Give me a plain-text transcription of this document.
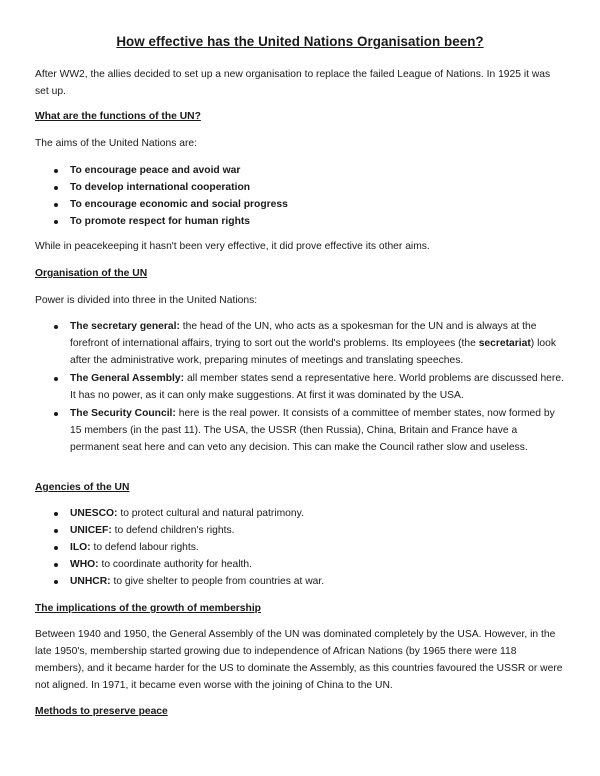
How effective has the United Nations Organisation been?

After WW2, the allies decided to set up a new organisation to replace the failed League of Nations. In 1925 it was set up.

What are the functions of the UN?

The aims of the United Nations are:

To encourage peace and avoid war
To develop international cooperation
To encourage economic and social progress
To promote respect for human rights

While in peacekeeping it hasn't been very effective, it did prove effective its other aims.

Organisation of the UN

Power is divided into three in the United Nations:

The secretary general: the head of the UN, who acts as a spokesman for the UN and is always at the forefront of international affairs, trying to sort out the world's problems. Its employees (the secretariat) look after the administrative work, preparing minutes of meetings and translating speeches.
The General Assembly: all member states send a representative here. World problems are discussed here. It has no power, as it can only make suggestions. At first it was dominated by the USA.
The Security Council: here is the real power. It consists of a committee of member states, now formed by 15 members (in the past 11). The USA, the USSR (then Russia), China, Britain and France have a permanent seat here and can veto any decision. This can make the Council rather slow and useless.

Agencies of the UN

UNESCO: to protect cultural and natural patrimony.
UNICEF: to defend children's rights.
ILO: to defend labour rights.
WHO: to coordinate authority for health.
UNHCR: to give shelter to people from countries at war.

The implications of the growth of membership

Between 1940 and 1950, the General Assembly of the UN was dominated completely by the USA. However, in the late 1950's, membership started growing due to independence of African Nations (by 1965 there were 118 members), and it became harder for the US to dominate the Assembly, as this countries favoured the USSR or were not aligned. In 1971, it became even worse with the joining of China to the UN.

Methods to preserve peace
